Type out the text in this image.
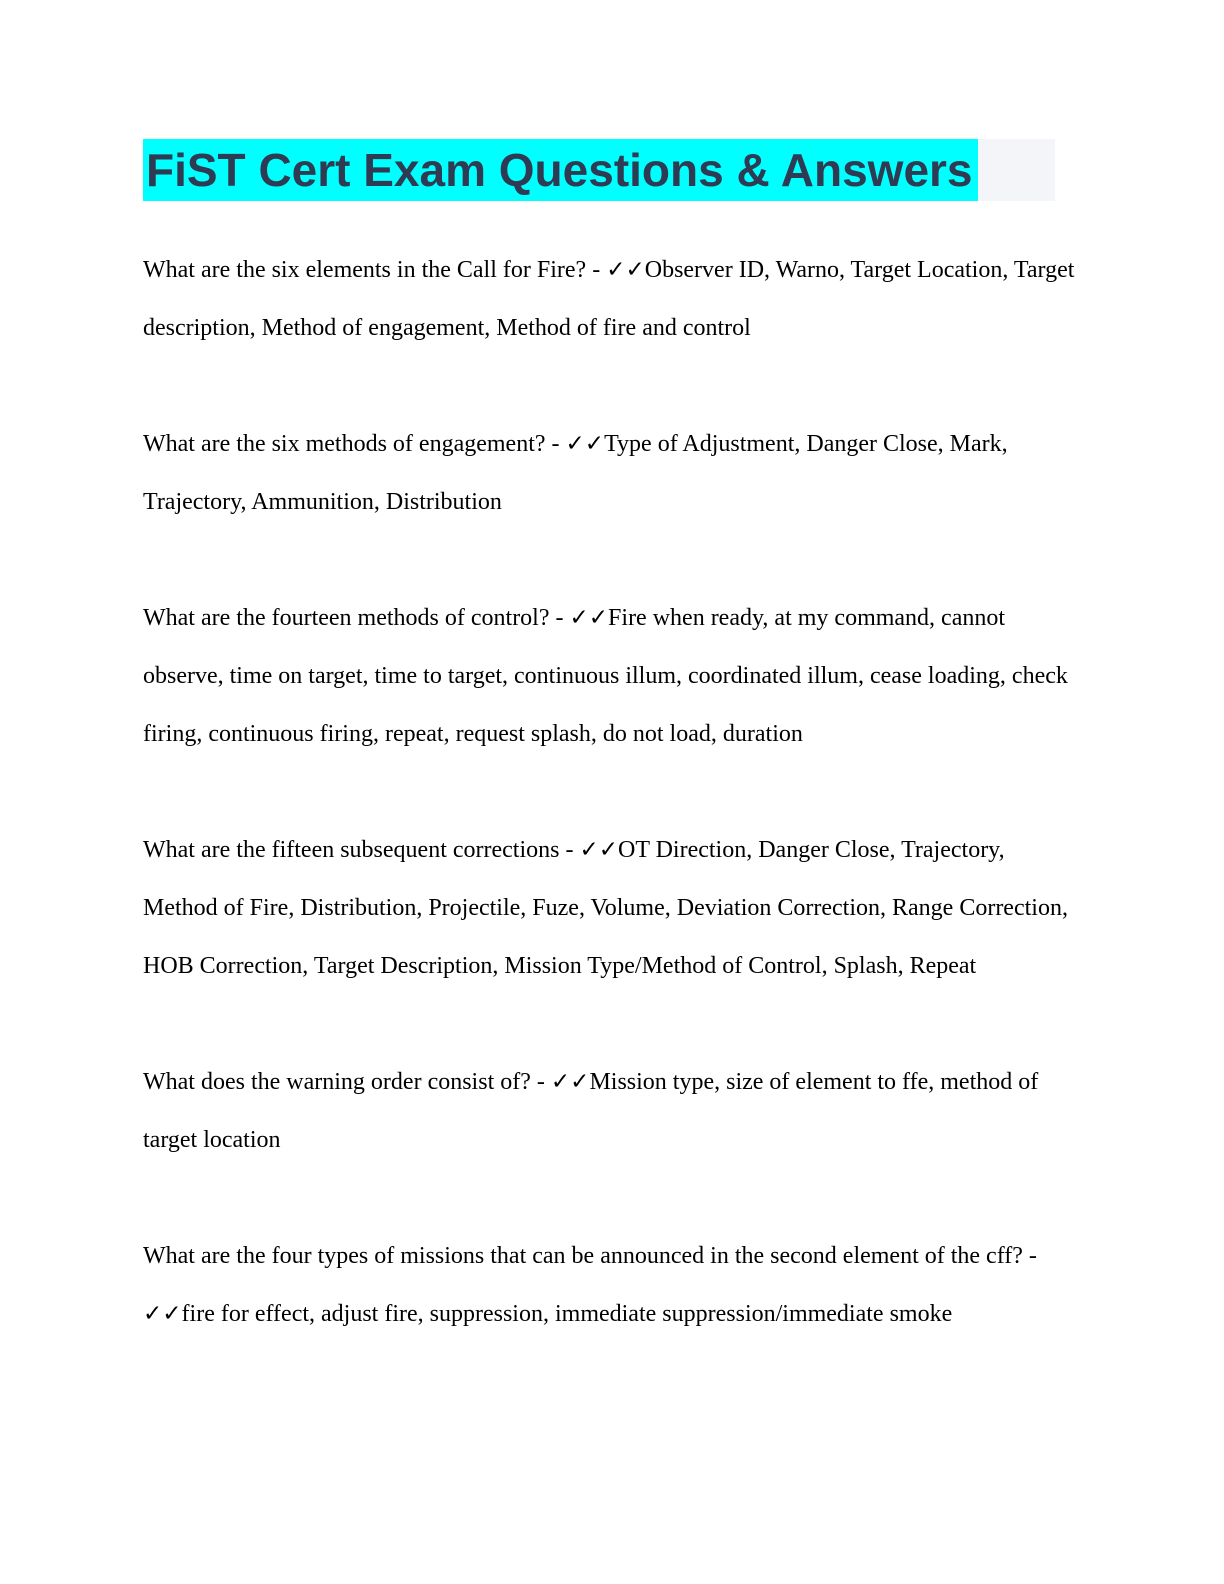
FiST Cert Exam Questions & Answers

What are the six elements in the Call for Fire? - ✓✓Observer ID, Warno, Target Location, Target description, Method of engagement, Method of fire and control

What are the six methods of engagement? - ✓✓Type of Adjustment, Danger Close, Mark, Trajectory, Ammunition, Distribution

What are the fourteen methods of control? - ✓✓Fire when ready, at my command, cannot observe, time on target, time to target, continuous illum, coordinated illum, cease loading, check firing, continuous firing, repeat, request splash, do not load, duration

What are the fifteen subsequent corrections - ✓✓OT Direction, Danger Close, Trajectory, Method of Fire, Distribution, Projectile, Fuze, Volume, Deviation Correction, Range Correction, HOB Correction, Target Description, Mission Type/Method of Control, Splash, Repeat

What does the warning order consist of? - ✓✓Mission type, size of element to ffe, method of target location

What are the four types of missions that can be announced in the second element of the cff? - ✓✓fire for effect, adjust fire, suppression, immediate suppression/immediate smoke
